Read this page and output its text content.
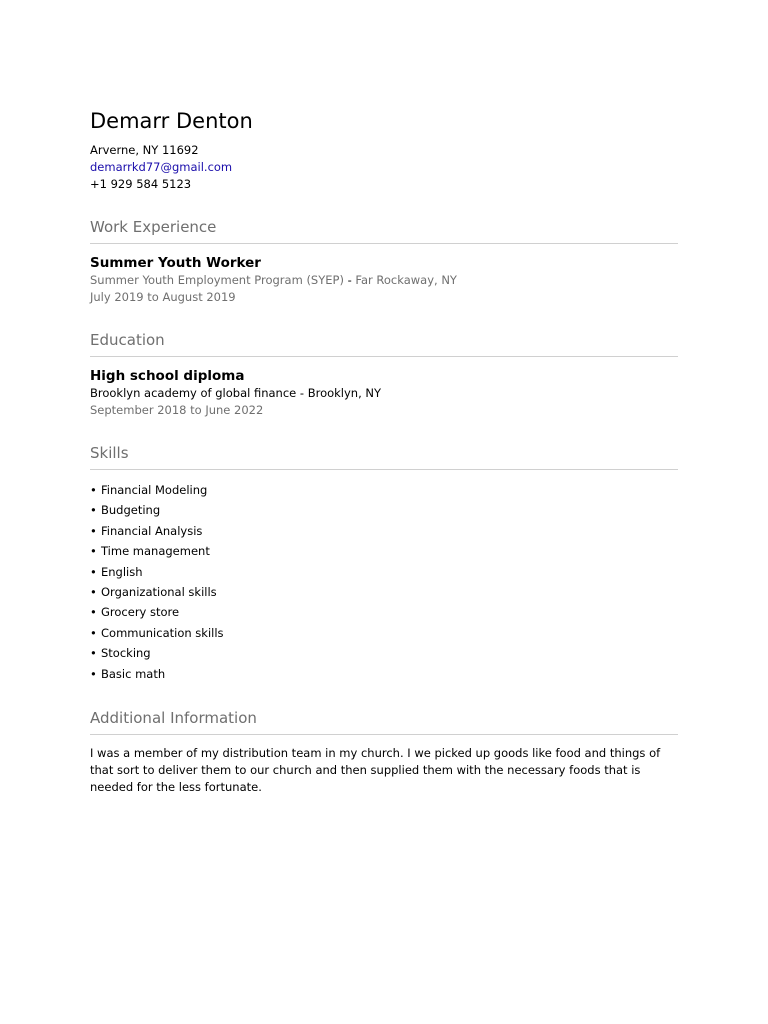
Demarr Denton
Arverne, NY 11692
demarrkd77@gmail.com
+1 929 584 5123
Work Experience
Summer Youth Worker
Summer Youth Employment Program (SYEP) - Far Rockaway, NY
July 2019 to August 2019
Education
High school diploma
Brooklyn academy of global finance - Brooklyn, NY
September 2018 to June 2022
Skills
• Financial Modeling
• Budgeting
• Financial Analysis
• Time management
• English
• Organizational skills
• Grocery store
• Communication skills
• Stocking
• Basic math
Additional Information

I was a member of my distribution team in my church. I we picked up goods like food and things of that sort to deliver them to our church and then supplied them with the necessary foods that is needed for the less fortunate.
